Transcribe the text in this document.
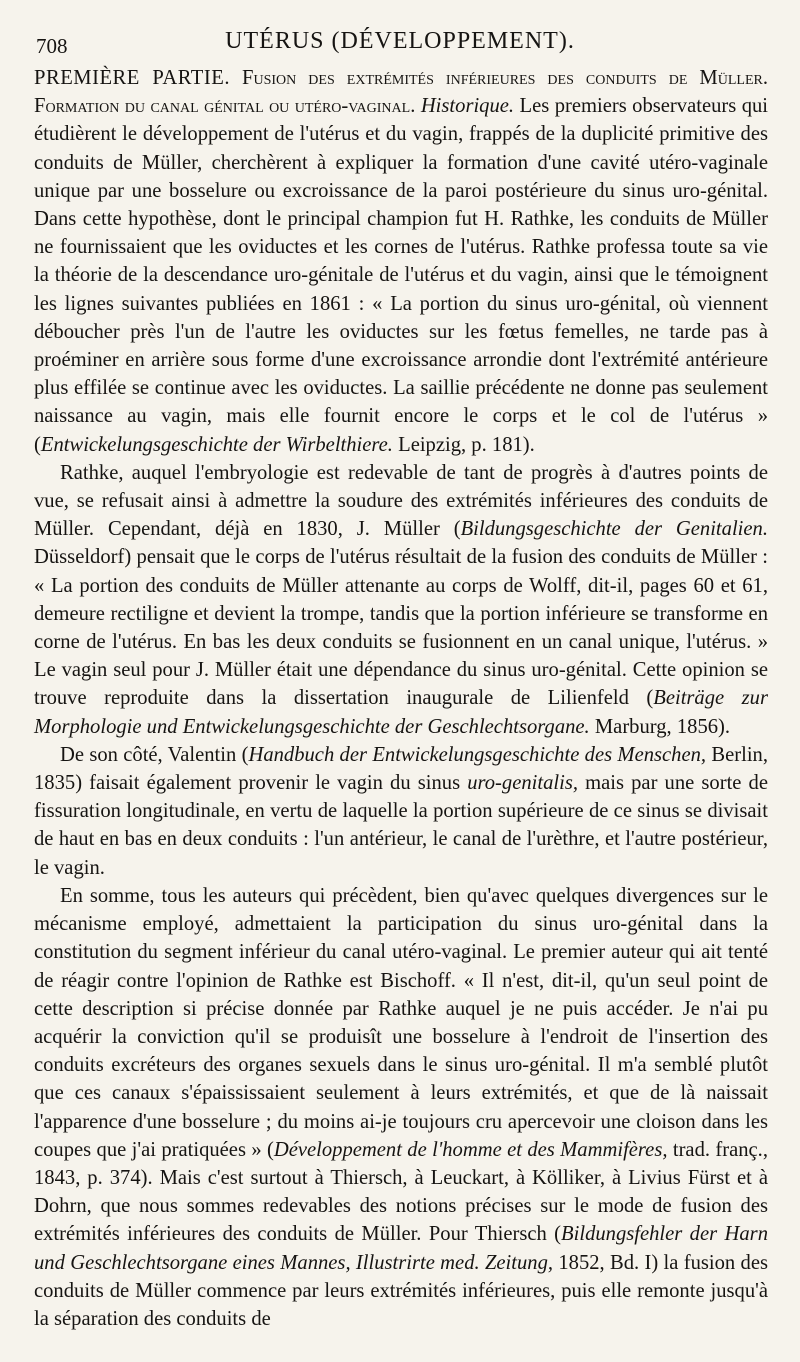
708	UTÉRUS (DÉVELOPPEMENT).

PREMIÈRE PARTIE. Fusion des extrémités inférieures des conduits de Müller. Formation du canal génital ou utéro-vaginal. Historique. Les premiers observateurs qui étudièrent le développement de l'utérus et du vagin, frappés de la duplicité primitive des conduits de Müller, cherchèrent à expliquer la formation d'une cavité utéro-vaginale unique par une bosselure ou excroissance de la paroi postérieure du sinus uro-génital. Dans cette hypothèse, dont le principal champion fut H. Rathke, les conduits de Müller ne fournissaient que les oviductes et les cornes de l'utérus. Rathke professa toute sa vie la théorie de la descendance uro-génitale de l'utérus et du vagin, ainsi que le témoignent les lignes suivantes publiées en 1861 : « La portion du sinus uro-génital, où viennent déboucher près l'un de l'autre les oviductes sur les fœtus femelles, ne tarde pas à proéminer en arrière sous forme d'une excroissance arrondie dont l'extrémité antérieure plus effilée se continue avec les oviductes. La saillie précédente ne donne pas seulement naissance au vagin, mais elle fournit encore le corps et le col de l'utérus » (Entwickelungsgeschichte der Wirbelthiere. Leipzig, p. 181).

Rathke, auquel l'embryologie est redevable de tant de progrès à d'autres points de vue, se refusait ainsi à admettre la soudure des extrémités inférieures des conduits de Müller. Cependant, déjà en 1830, J. Müller (Bildungsgeschichte der Genitalien. Düsseldorf) pensait que le corps de l'utérus résultait de la fusion des conduits de Müller : « La portion des conduits de Müller attenante au corps de Wolff, dit-il, pages 60 et 61, demeure rectiligne et devient la trompe, tandis que la portion inférieure se transforme en corne de l'utérus. En bas les deux conduits se fusionnent en un canal unique, l'utérus. » Le vagin seul pour J. Müller était une dépendance du sinus uro-génital. Cette opinion se trouve reproduite dans la dissertation inaugurale de Lilienfeld (Beiträge zur Morphologie und Entwickelungsgeschichte der Geschlechtsorgane. Marburg, 1856).

De son côté, Valentin (Handbuch der Entwickelungsgeschichte des Menschen, Berlin, 1835) faisait également provenir le vagin du sinus uro-genitalis, mais par une sorte de fissuration longitudinale, en vertu de laquelle la portion supérieure de ce sinus se divisait de haut en bas en deux conduits : l'un antérieur, le canal de l'urèthre, et l'autre postérieur, le vagin.

En somme, tous les auteurs qui précèdent, bien qu'avec quelques divergences sur le mécanisme employé, admettaient la participation du sinus uro-génital dans la constitution du segment inférieur du canal utéro-vaginal. Le premier auteur qui ait tenté de réagir contre l'opinion de Rathke est Bischoff. « Il n'est, dit-il, qu'un seul point de cette description si précise donnée par Rathke auquel je ne puis accéder. Je n'ai pu acquérir la conviction qu'il se produisît une bosselure à l'endroit de l'insertion des conduits excréteurs des organes sexuels dans le sinus uro-génital. Il m'a semblé plutôt que ces canaux s'épaississaient seulement à leurs extrémités, et que de là naissait l'apparence d'une bosselure ; du moins ai-je toujours cru apercevoir une cloison dans les coupes que j'ai pratiquées » (Développement de l'homme et des Mammifères, trad. franç., 1843, p. 374). Mais c'est surtout à Thiersch, à Leuckart, à Kölliker, à Livius Fürst et à Dohrn, que nous sommes redevables des notions précises sur le mode de fusion des extrémités inférieures des conduits de Müller. Pour Thiersch (Bildungsfehler der Harn und Geschlechtsorgane eines Mannes, Illustrirte med. Zeitung, 1852, Bd. I) la fusion des conduits de Müller commence par leurs extrémités inférieures, puis elle remonte jusqu'à la séparation des conduits de
